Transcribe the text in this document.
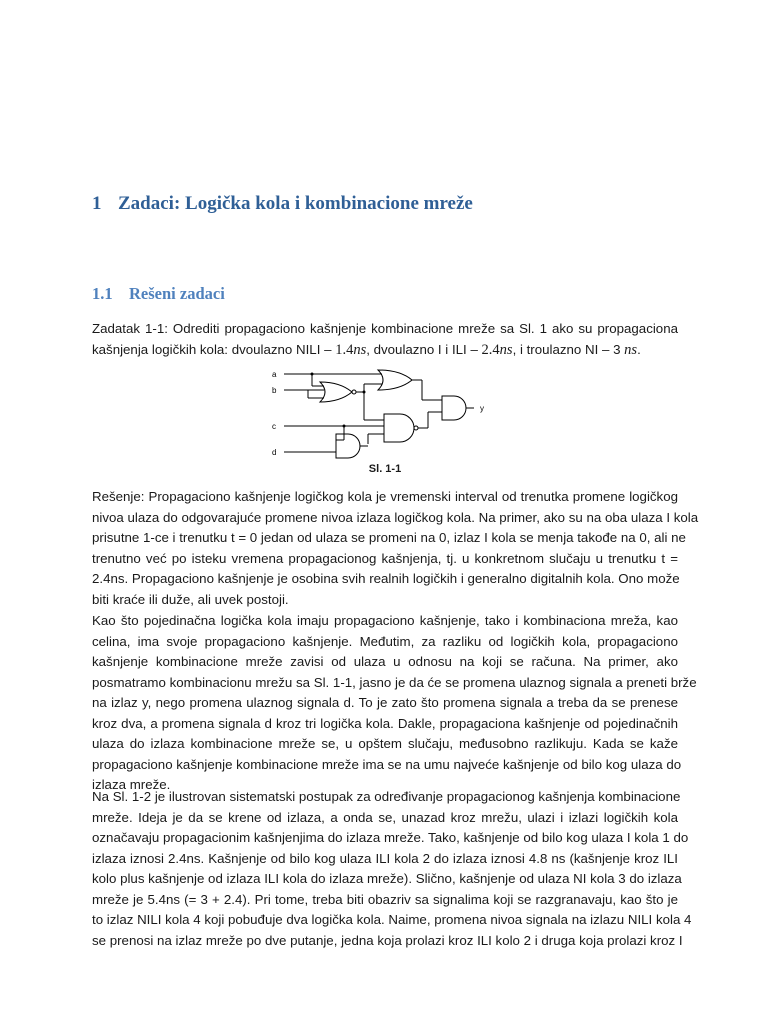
1 Zadaci: Logička kola i kombinacione mreže
1.1 Rešeni zadaci
Zadatak 1-1: Odrediti propagaciono kašnjenje kombinacione mreže sa Sl. 1 ako su propagaciona
kašnjenja logičkih kola: dvoulazno NILI – 1.4ns, dvoulazno I i ILI – 2.4ns, i troulazno NI – 3 ns.
a
b
c
d
y
Sl. 1-1
Rešenje: Propagaciono kašnjenje logičkog kola je vremenski interval od trenutka promene logičkog
nivoa ulaza do odgovarajuće promene nivoa izlaza logičkog kola. Na primer, ako su na oba ulaza I kola
prisutne 1-ce i trenutku t = 0 jedan od ulaza se promeni na 0, izlaz I kola se menja takođe na 0, ali ne
trenutno već po isteku vremena propagacionog kašnjenja, tj. u konkretnom slučaju u trenutku t =
2.4ns. Propagaciono kašnjenje je osobina svih realnih logičkih i generalno digitalnih kola. Ono može
biti kraće ili duže, ali uvek postoji.
Kao što pojedinačna logička kola imaju propagaciono kašnjenje, tako i kombinaciona mreža, kao
celina, ima svoje propagaciono kašnjenje. Međutim, za razliku od logičkih kola, propagaciono
kašnjenje kombinacione mreže zavisi od ulaza u odnosu na koji se računa. Na primer, ako
posmatramo kombinacionu mrežu sa Sl. 1-1, jasno je da će se promena ulaznog signala a preneti brže
na izlaz y, nego promena ulaznog signala d. To je zato što promena signala a treba da se prenese
kroz dva, a promena signala d kroz tri logička kola. Dakle, propagaciona kašnjenje od pojedinačnih
ulaza do izlaza kombinacione mreže se, u opštem slučaju, međusobno razlikuju. Kada se kaže
propagaciono kašnjenje kombinacione mreže ima se na umu najveće kašnjenje od bilo kog ulaza do
izlaza mreže.
Na Sl. 1-2 je ilustrovan sistematski postupak za određivanje propagacionog kašnjenja kombinacione
mreže. Ideja je da se krene od izlaza, a onda se, unazad kroz mrežu, ulazi i izlazi logičkih kola
označavaju propagacionim kašnjenjima do izlaza mreže. Tako, kašnjenje od bilo kog ulaza I kola 1 do
izlaza iznosi 2.4ns. Kašnjenje od bilo kog ulaza ILI kola 2 do izlaza iznosi 4.8 ns (kašnjenje kroz ILI
kolo plus kašnjenje od izlaza ILI kola do izlaza mreže). Slično, kašnjenje od ulaza NI kola 3 do izlaza
mreže je 5.4ns (= 3 + 2.4). Pri tome, treba biti obazriv sa signalima koji se razgranavaju, kao što je
to izlaz NILI kola 4 koji pobuđuje dva logička kola. Naime, promena nivoa signala na izlazu NILI kola 4
se prenosi na izlaz mreže po dve putanje, jedna koja prolazi kroz ILI kolo 2 i druga koja prolazi kroz I
